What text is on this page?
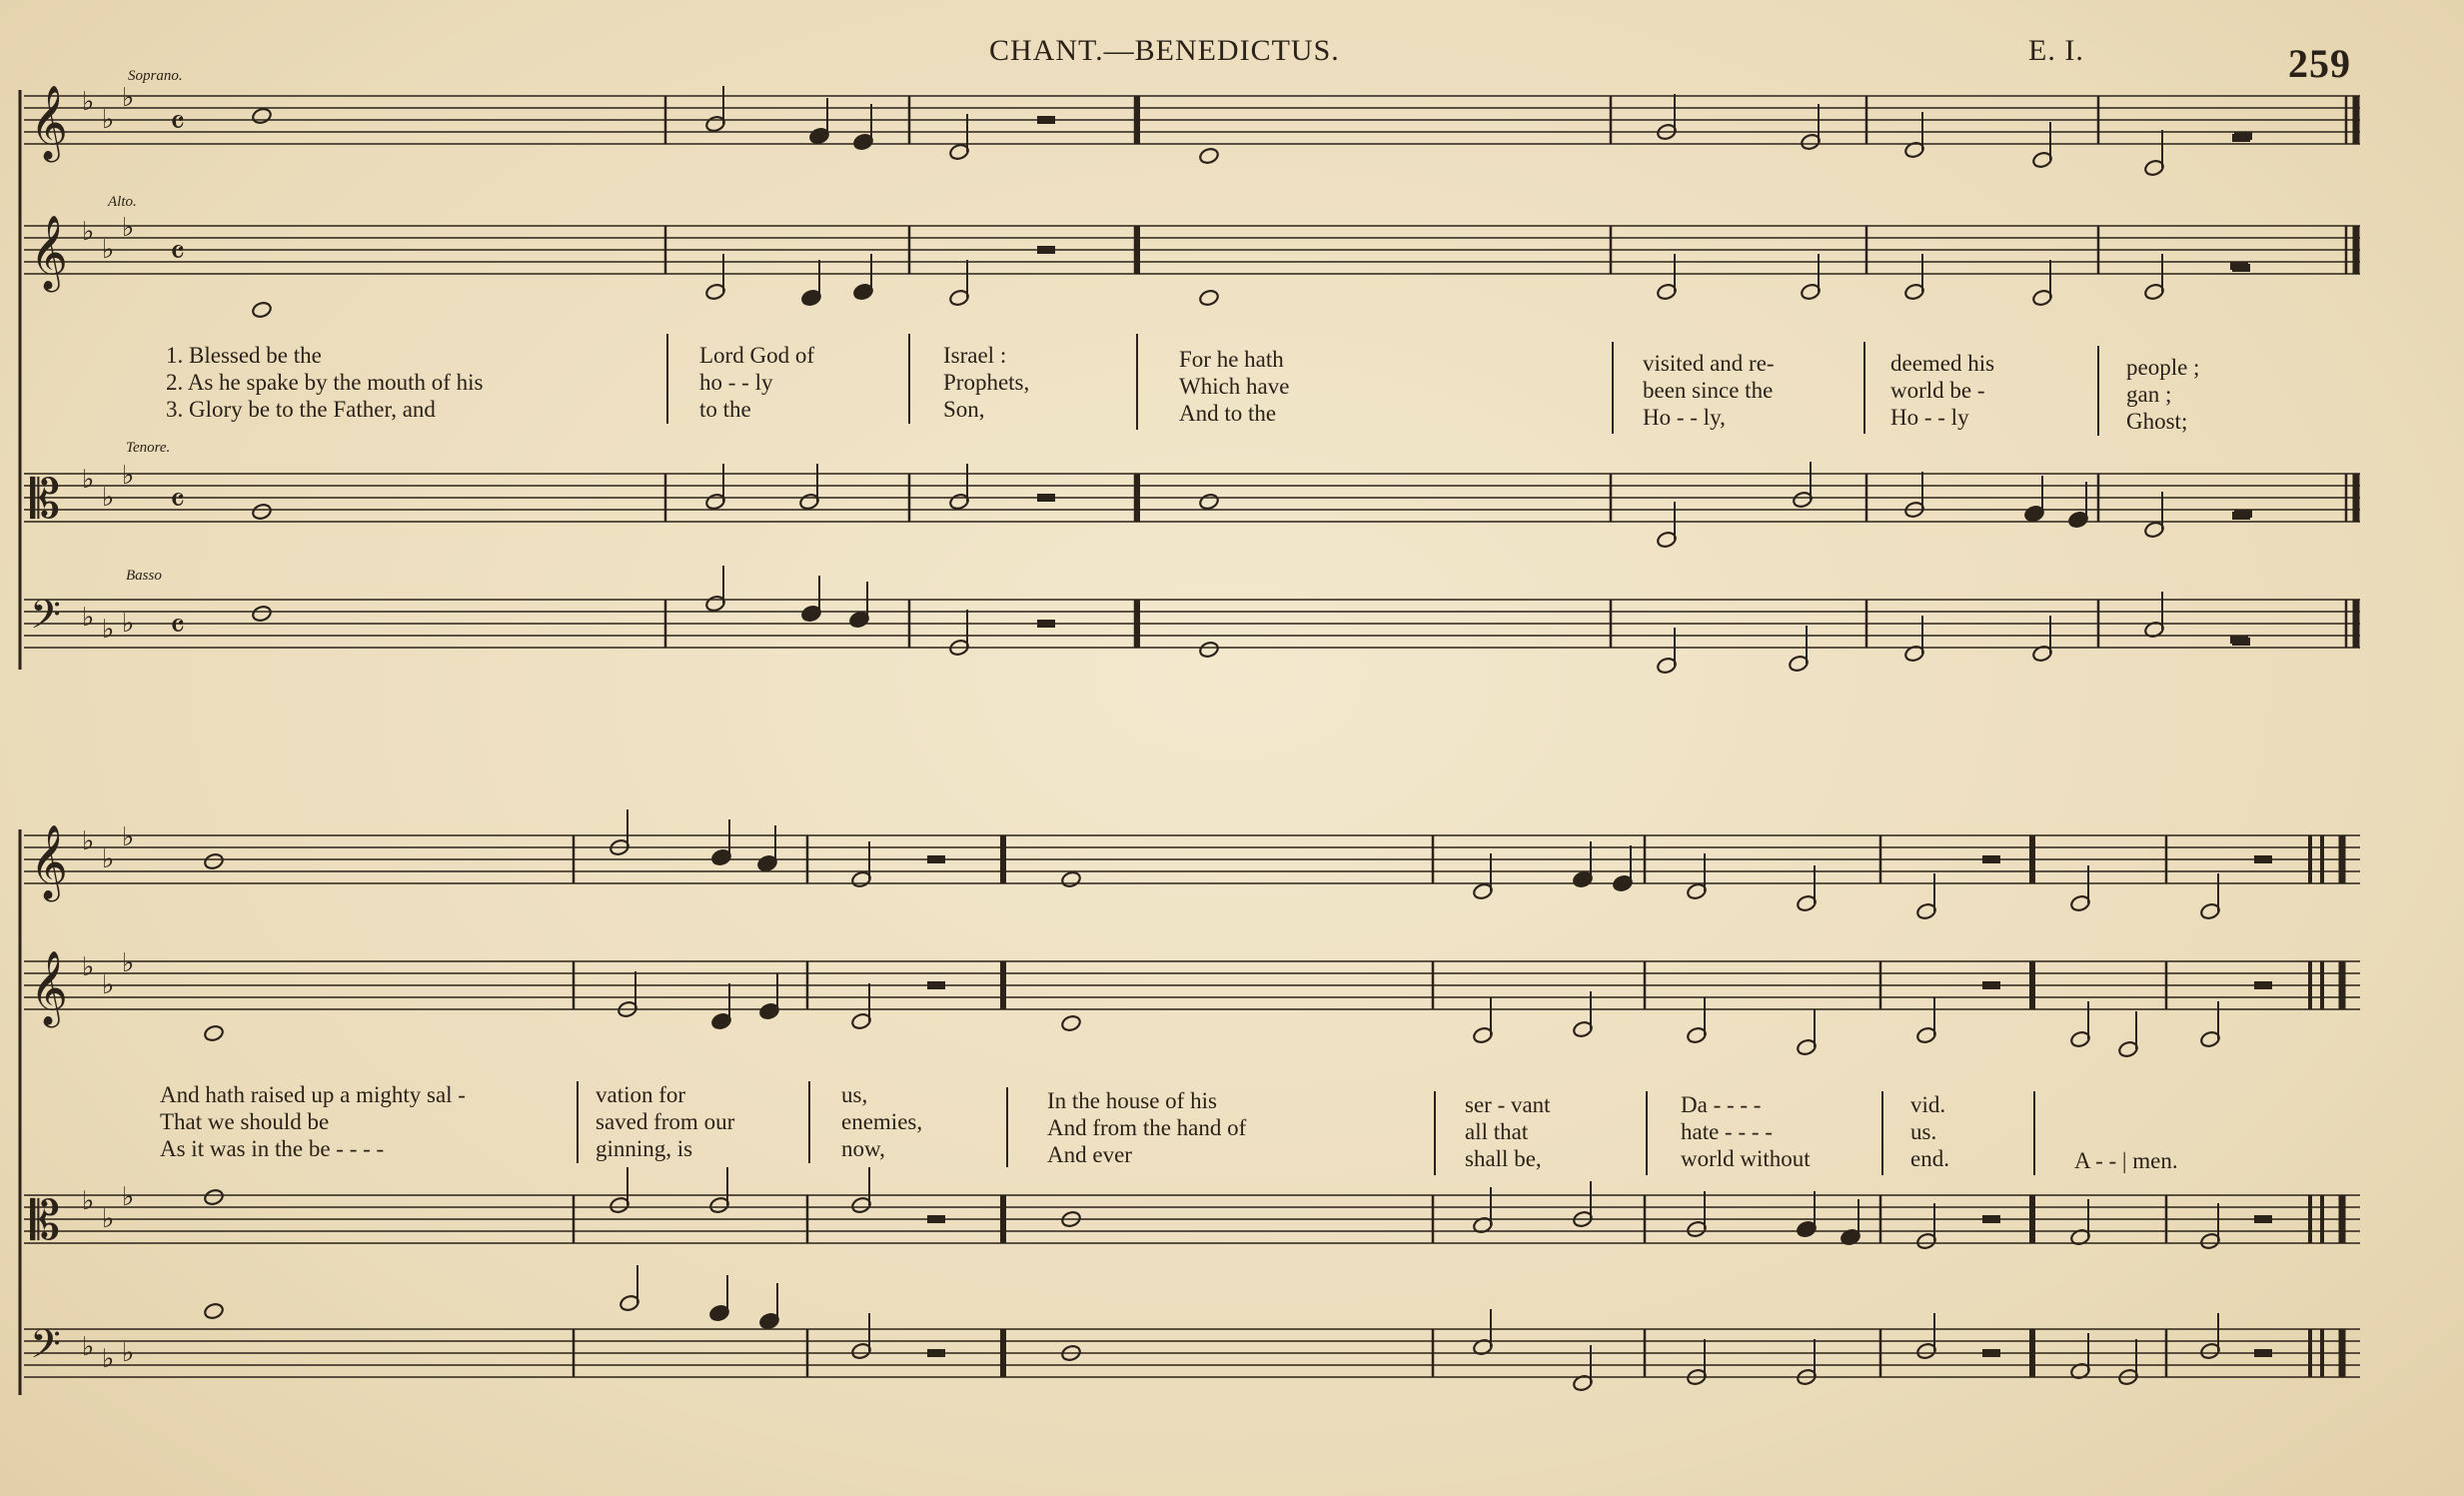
CHANT.—BENEDICTUS.	E. I.	259
Soprano.
Alto.
Tenore.
Basso
𝄞 ♭
♭
♭
𝄴
𝄞 ♭
♭
♭
𝄴
𝄡 ♭
♭
♭
𝄴
𝄢 ♭ ♭ ♭ 𝄴
𝄞 ♭
♭
♭
𝄞 ♭
♭
♭
𝄡 ♭
♭
♭
𝄢 ♭ ♭ ♭
1. Blessed be the
2. As he spake by the mouth of his
3. Glory be to the Father, and
Lord God of
ho - - ly
to the
Israel :
Prophets,
Son,
For he hath
Which have
And to the
visited and re-
been since the
Ho - - ly,
deemed his
world be -
Ho - - ly
people ;
gan ;
Ghost;
And hath raised up a mighty sal -
That we should be
As it was in the be - - - -
vation for
saved from our
ginning, is
us,
enemies,
now,
In the house of his
And from the hand of
And ever
ser - vant
all that
shall be,
Da - - - -
hate - - - -
world without
vid.
us.
end.	A - - | men.
